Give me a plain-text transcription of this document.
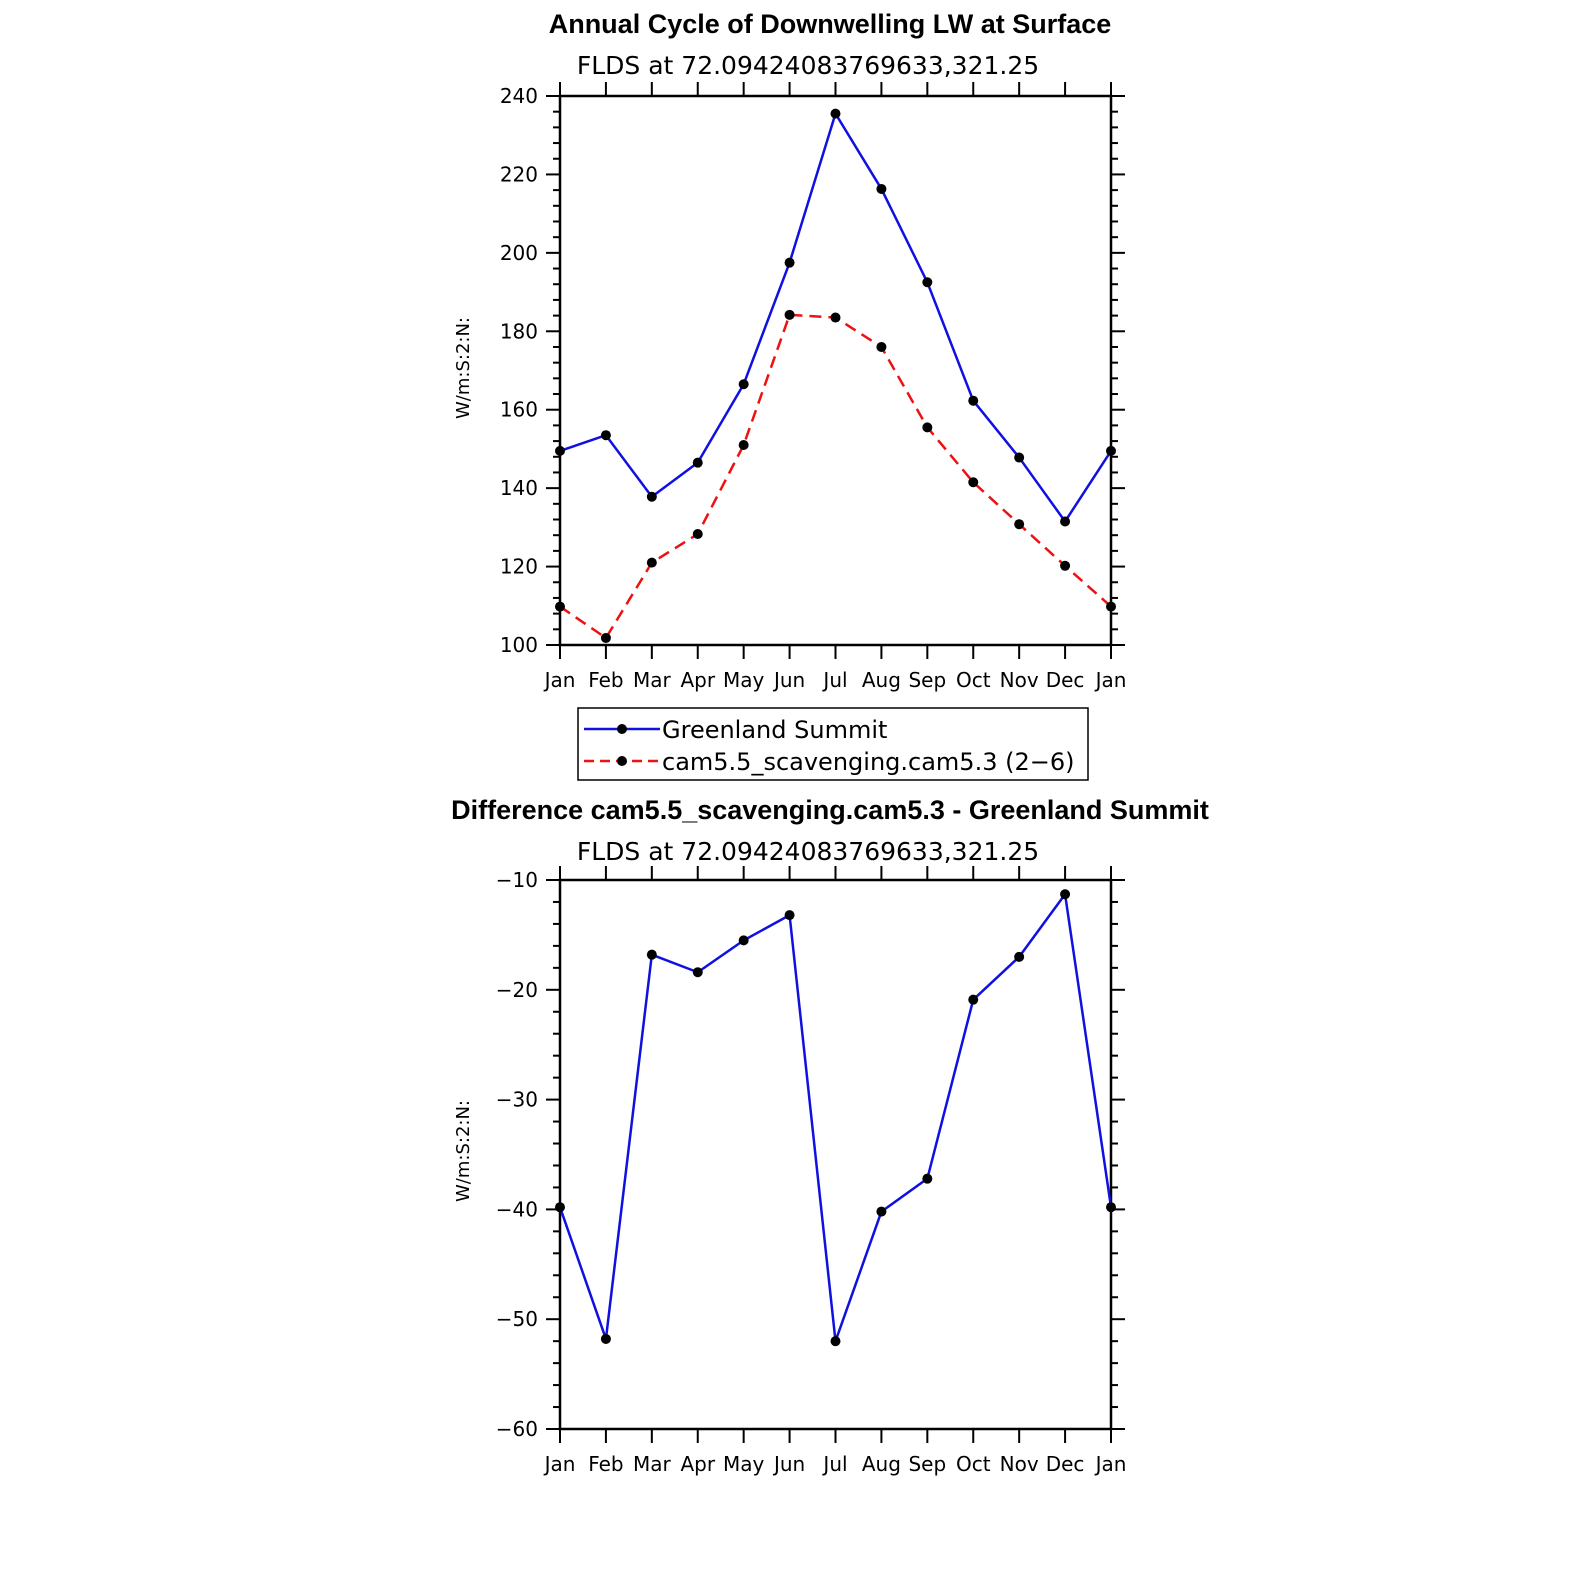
Annual Cycle of Downwelling LW at Surface
FLDS at 72.09424083769633,321.25
W/m:S:2:N:
100
120
140
160
180
200
220
240
Jan Feb Mar Apr May Jun Jul Aug Sep Oct Nov Dec Jan
Greenland Summit
cam5.5_scavenging.cam5.3 (2−6)
Difference cam5.5_scavenging.cam5.3 - Greenland Summit
FLDS at 72.09424083769633,321.25
W/m:S:2:N:
−60
−50
−40
−30
−20
−10
Jan Feb Mar Apr May Jun Jul Aug Sep Oct Nov Dec Jan
